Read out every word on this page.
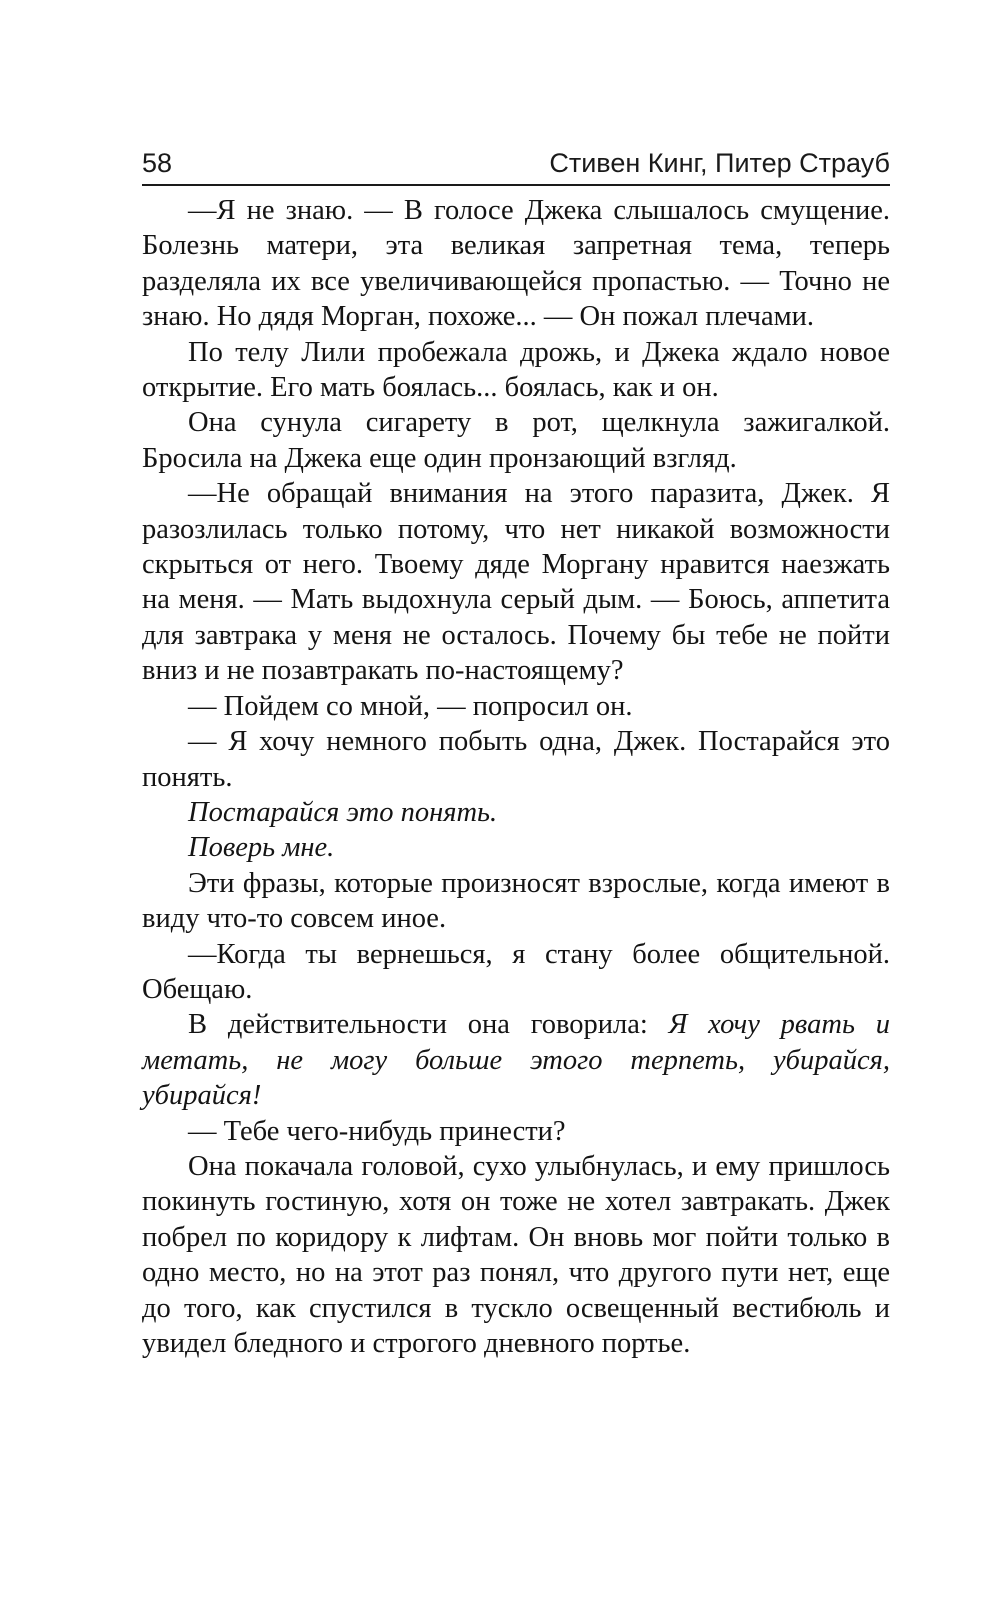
58	Стивен Кинг, Питер Страуб

—Я не знаю. — В голосе Джека слышалось смущение. Болезнь матери, эта великая запретная тема, теперь разделяла их все увеличивающейся пропастью. — Точно не знаю. Но дядя Морган, похоже... — Он пожал плечами.

По телу Лили пробежала дрожь, и Джека ждало новое открытие. Его мать боялась... боялась, как и он.

Она сунула сигарету в рот, щелкнула зажигалкой. Бросила на Джека еще один пронзающий взгляд.

—Не обращай внимания на этого паразита, Джек. Я разозлилась только потому, что нет никакой возможности скрыться от него. Твоему дяде Моргану нравится наезжать на меня. — Мать выдохнула серый дым. — Боюсь, аппетита для завтрака у меня не осталось. Почему бы тебе не пойти вниз и не позавтракать по-настоящему?

— Пойдем со мной, — попросил он.

— Я хочу немного побыть одна, Джек. Постарайся это понять.

Постарайся это понять.

Поверь мне.

Эти фразы, которые произносят взрослые, когда имеют в виду что-то совсем иное.

—Когда ты вернешься, я стану более общительной. Обещаю.

В действительности она говорила: Я хочу рвать и метать, не могу больше этого терпеть, убирайся, убирайся!

— Тебе чего-нибудь принести?

Она покачала головой, сухо улыбнулась, и ему пришлось покинуть гостиную, хотя он тоже не хотел завтракать. Джек побрел по коридору к лифтам. Он вновь мог пойти только в одно место, но на этот раз понял, что другого пути нет, еще до того, как спустился в тускло освещенный вестибюль и увидел бледного и строгого дневного портье.
